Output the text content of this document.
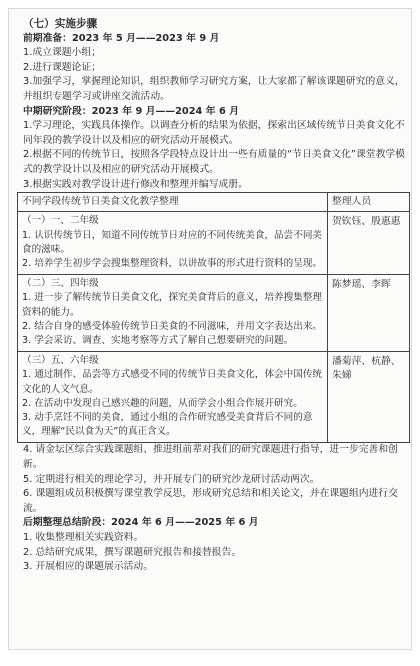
（七）实施步骤
前期准备：2023 年 5 月——2023 年 9 月
1.成立课题小组；
2.进行课题论证；
3.加强学习，掌握理论知识，组织教师学习研究方案，让大家都了解该课题研究的意义，并组织专题学习或讲座交流活动。
中期研究阶段：2023 年 9 月——2024 年 6 月
1.学习理论，实践具体操作。以调查分析的结果为依据，探索出区域传统节日美食文化不同年段的教学设计以及相应的研究活动开展模式。
2.根据不同的传统节日，按照各学段特点设计出一些有质量的“节日美食文化”课堂教学模式的教学设计以及相应的研究活动开展模式。
3.根据实践对教学设计进行修改和整理并编写成册。
不同学段传统节日美食文化教学整理	整理人员

（一）一、二年级
1. 认识传统节日，知道不同传统节日对应的不同传统美食，品尝不同美食的滋味。
2. 培养学生初步学会搜集整理资料，以讲故事的形式进行资料的呈现。	贺钦钰、殷惠惠

（二）三、四年级
1. 进一步了解传统节日美食文化，探究美食背后的意义，培养搜集整理资料的能力。
2. 结合自身的感受体验传统节日美食的不同滋味，并用文字表达出来。
3. 学会采访、调查、实地考察等方式了解自己想要研究的问题。	陈梦瑶、李晖

（三）五、六年级
1. 通过制作、品尝等方式感受不同的传统节日美食文化，体会中国传统文化的人文气息。
2. 在活动中发现自己感兴趣的问题，从而学会小组合作展开研究。
3. 动手烹饪不同的美食，通过小组的合作研究感受美食背后不同的意义，理解“民以食为天”的真正含义。	潘菊萍、杭静、朱娣
4. 请金坛区综合实践课题组、推进组前辈对我们的研究课题进行指导，进一步完善和创新。
5. 定期进行相关的理论学习，并开展专门的研究沙龙研讨活动两次。
6. 课题组成员积极撰写课堂教学反思，形成研究总结和相关论文，并在课题组内进行交流。
后期整理总结阶段：2024 年 6 月——2025 年 6 月
1. 收集整理相关实践资料。
2. 总结研究成果，撰写课题研究报告和接替报告。
3. 开展相应的课题展示活动。
